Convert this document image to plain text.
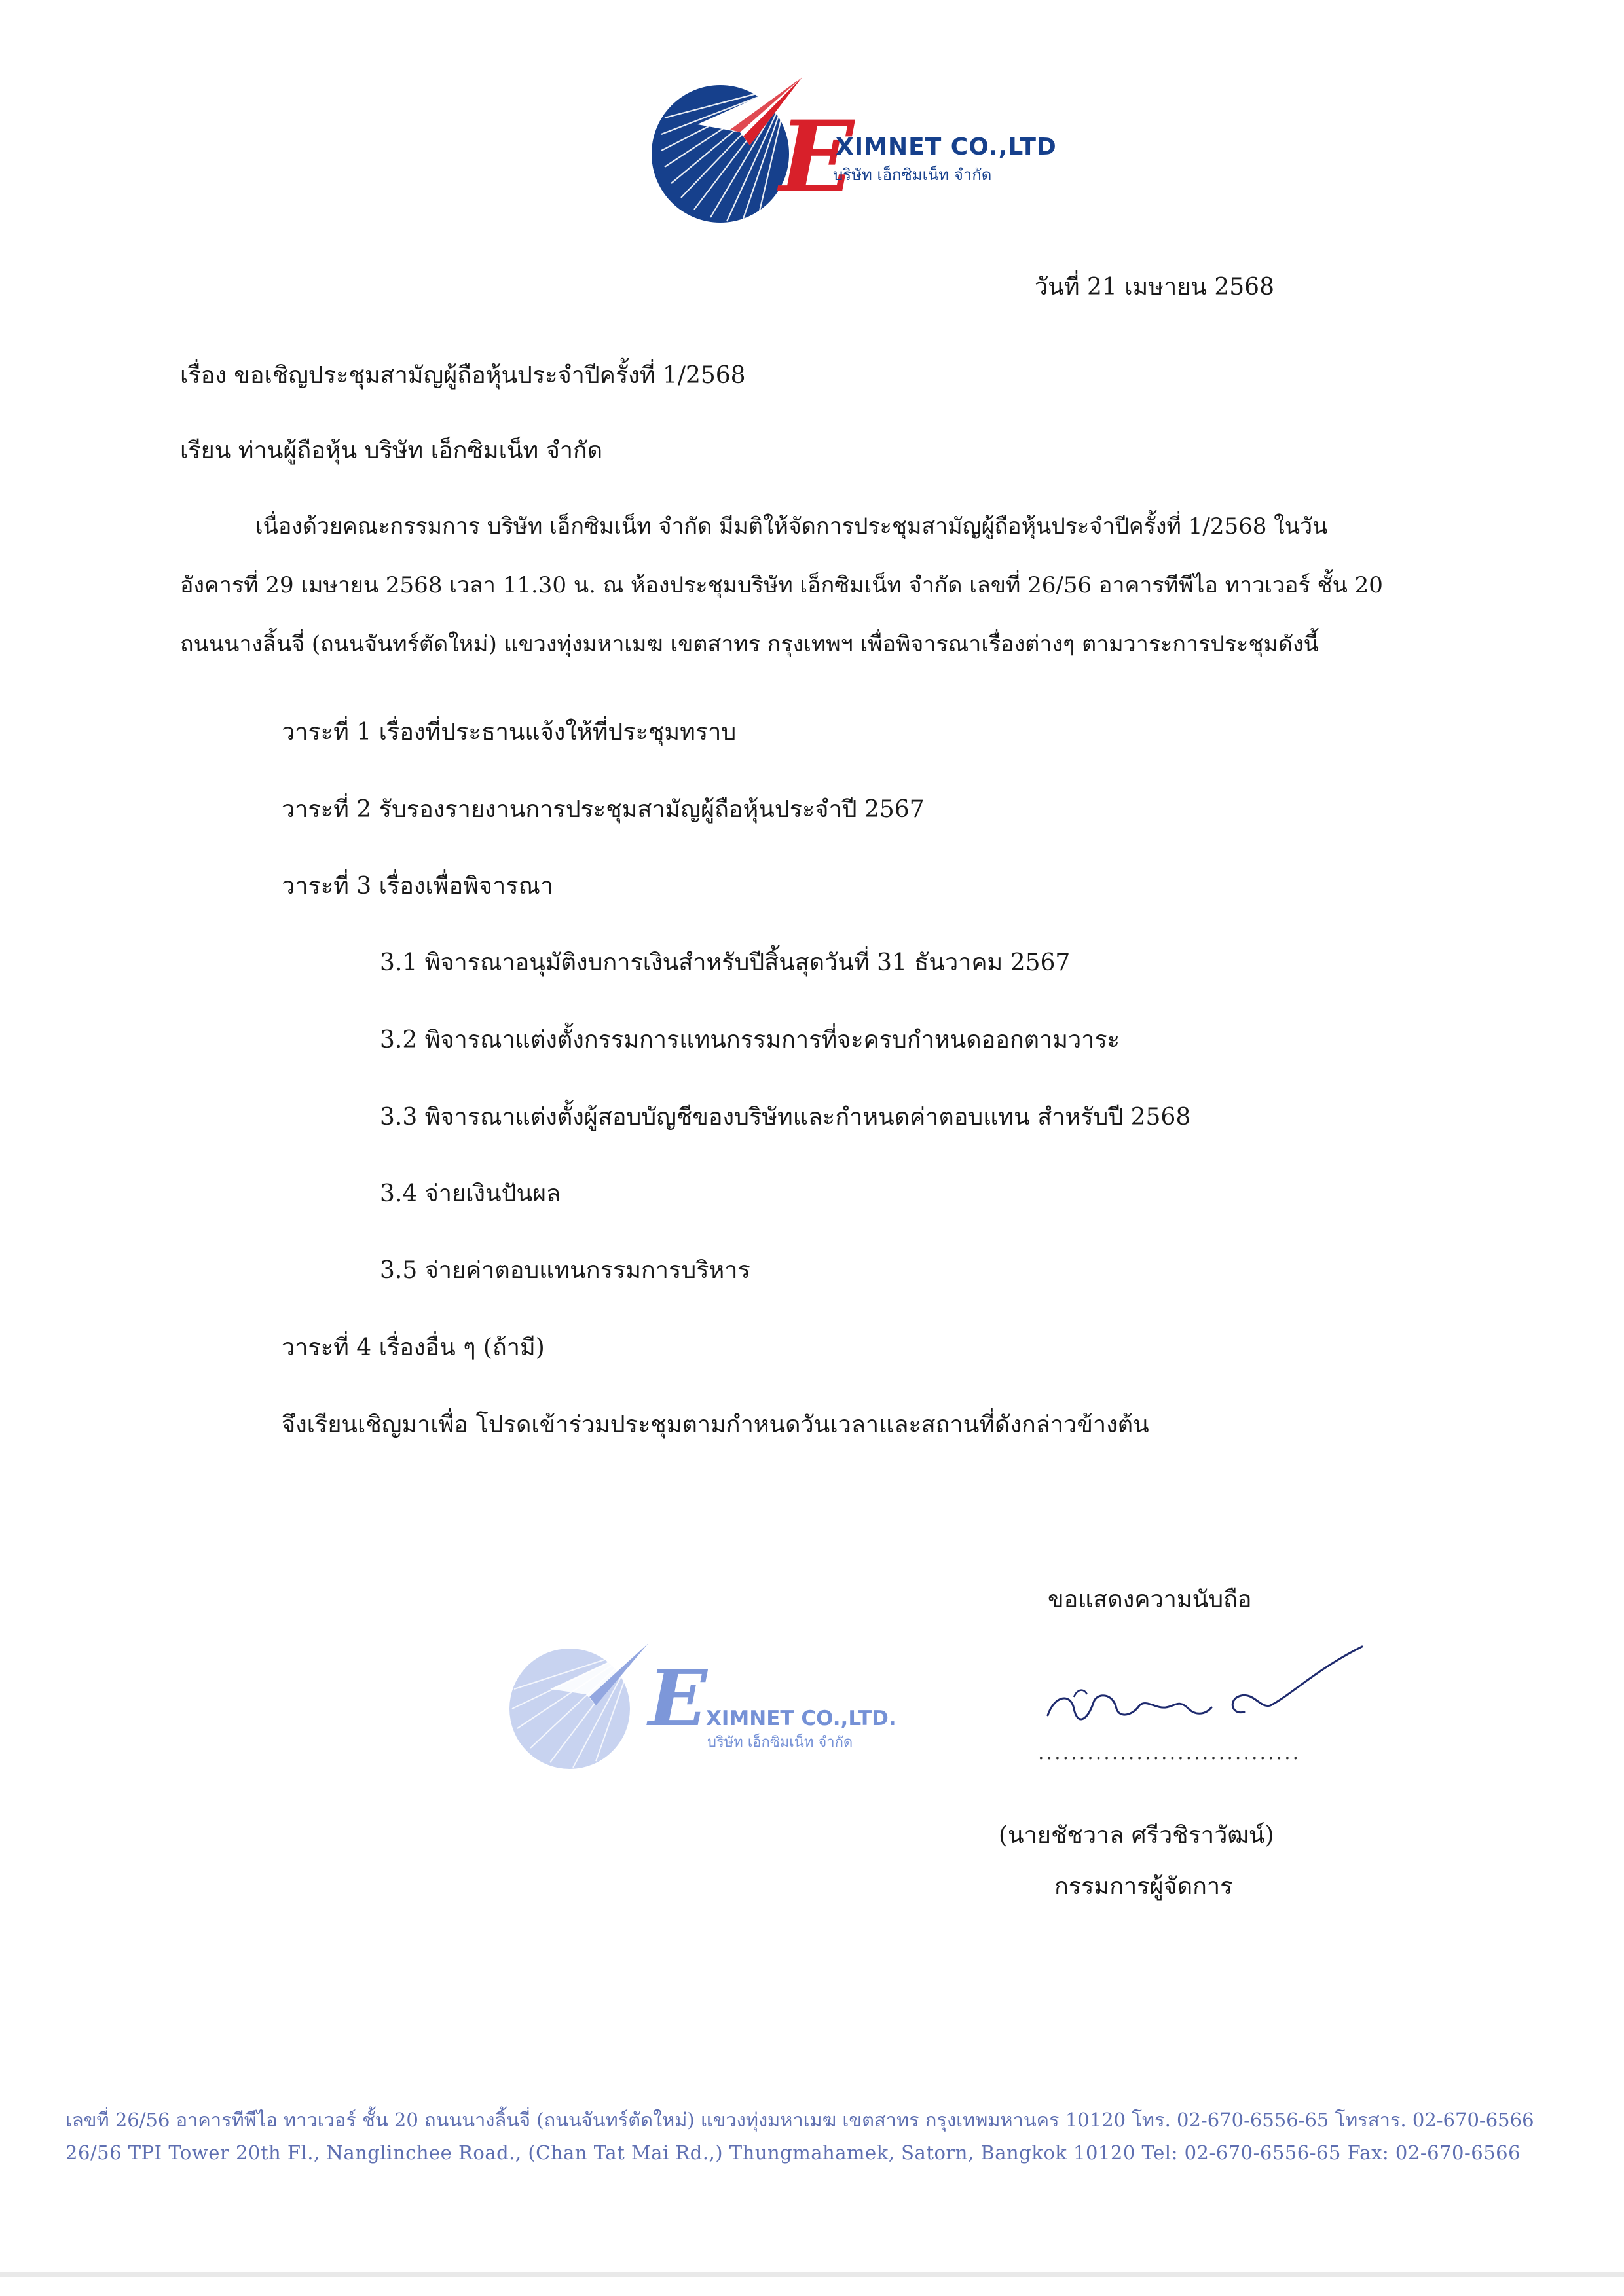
E
XIMNET CO.,LTD
บริษัท เอ็กซิมเน็ท จำกัด
วันที่ 21 เมษายน 2568
เรื่อง ขอเชิญประชุมสามัญผู้ถือหุ้นประจำปีครั้งที่ 1/2568
เรียน ท่านผู้ถือหุ้น บริษัท เอ็กซิมเน็ท จำกัด
เนื่องด้วยคณะกรรมการ บริษัท เอ็กซิมเน็ท จำกัด มีมติให้จัดการประชุมสามัญผู้ถือหุ้นประจำปีครั้งที่ 1/2568 ในวัน
อังคารที่ 29 เมษายน 2568 เวลา 11.30 น. ณ ห้องประชุมบริษัท เอ็กซิมเน็ท จำกัด เลขที่ 26/56 อาคารทีพีไอ ทาวเวอร์ ชั้น 20
ถนนนางลิ้นจี่ (ถนนจันทร์ตัดใหม่) แขวงทุ่งมหาเมฆ เขตสาทร กรุงเทพฯ เพื่อพิจารณาเรื่องต่างๆ ตามวาระการประชุมดังนี้
วาระที่ 1 เรื่องที่ประธานแจ้งให้ที่ประชุมทราบ
วาระที่ 2 รับรองรายงานการประชุมสามัญผู้ถือหุ้นประจำปี 2567
วาระที่ 3 เรื่องเพื่อพิจารณา
3.1 พิจารณาอนุมัติงบการเงินสำหรับปีสิ้นสุดวันที่ 31 ธันวาคม 2567
3.2 พิจารณาแต่งตั้งกรรมการแทนกรรมการที่จะครบกำหนดออกตามวาระ
3.3 พิจารณาแต่งตั้งผู้สอบบัญชีของบริษัทและกำหนดค่าตอบแทน สำหรับปี 2568
3.4 จ่ายเงินปันผล
3.5 จ่ายค่าตอบแทนกรรมการบริหาร
วาระที่ 4 เรื่องอื่น ๆ (ถ้ามี)
จึงเรียนเชิญมาเพื่อ โปรดเข้าร่วมประชุมตามกำหนดวันเวลาและสถานที่ดังกล่าวข้างต้น
ขอแสดงความนับถือ
E
XIMNET CO.,LTD.
บริษัท เอ็กซิมเน็ท จำกัด	................................
(นายชัชวาล ศรีวชิราวัฒน์)
กรรมการผู้จัดการ
เลขที่ 26/56 อาคารทีพีไอ ทาวเวอร์ ชั้น 20 ถนนนางลิ้นจี่ (ถนนจันทร์ตัดใหม่) แขวงทุ่งมหาเมฆ เขตสาทร กรุงเทพมหานคร 10120 โทร. 02-670-6556-65 โทรสาร. 02-670-6566
26/56 TPI Tower 20th Fl., Nanglinchee Road., (Chan Tat Mai Rd.,) Thungmahamek, Satorn, Bangkok 10120 Tel: 02-670-6556-65 Fax: 02-670-6566
